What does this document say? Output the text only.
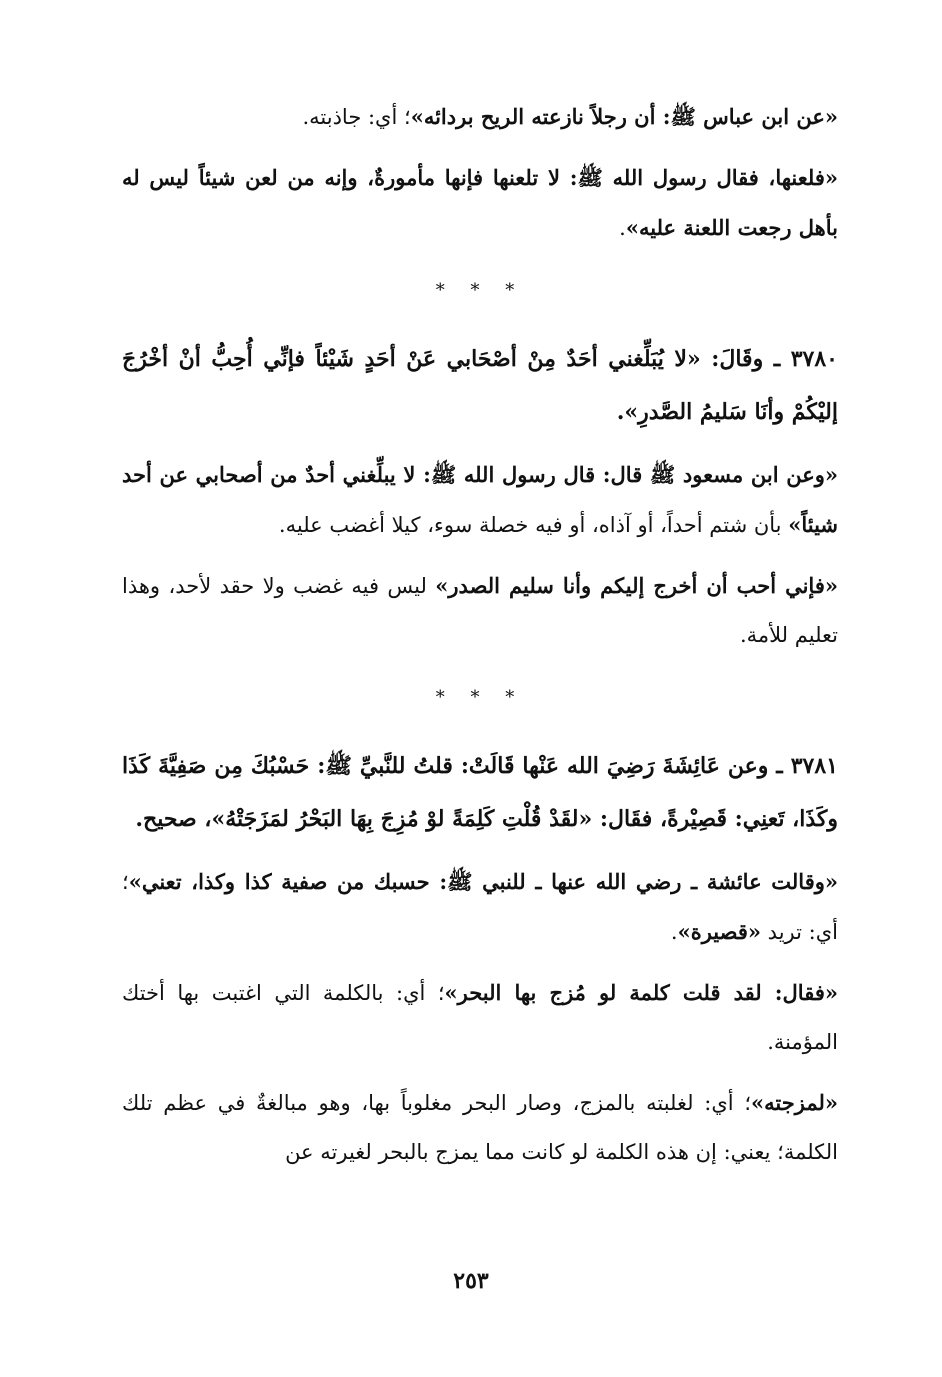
«عن ابن عباس ﷺ: أن رجلاً نازعته الريح بردائه»؛ أي: جاذبته.

«فلعنها، فقال رسول الله ﷺ: لا تلعنها فإنها مأمورةٌ، وإنه من لعن شيئاً ليس له بأهل رجعت اللعنة عليه».

* * *

٣٧٨٠ ـ وقَالَ: «لا يُبَلِّغني أحَدٌ مِنْ أصْحَابي عَنْ أحَدٍ شَيْئاً فإنِّي أُحِبُّ أنْ أخْرُجَ إليْكُمْ وأنَا سَليمُ الصَّدرِ».

«وعن ابن مسعود ﷺ قال: قال رسول الله ﷺ: لا يبلِّغني أحدٌ من أصحابي عن أحد شيئاً» بأن شتم أحداً، أو آذاه، أو فيه خصلة سوء، كيلا أغضب عليه.

«فإني أحب أن أخرج إليكم وأنا سليم الصدر» ليس فيه غضب ولا حقد لأحد، وهذا تعليم للأمة.

* * *

٣٧٨١ ـ وعن عَائِشَةَ رَضِيَ الله عَنْها قَالَتْ: قلتُ للنَّبيِّ ﷺ: حَسْبُكَ مِن صَفِيَّةَ كَذَا وكَذَا، تَعنِي: قَصِيْرةً، فقَال: «لقَدْ قُلْتِ كَلِمَةً لوْ مُزِجَ بِهَا البَحْرُ لمَزَجَتْهُ»، صحيح.

«وقالت عائشة ـ رضي الله عنها ـ للنبي ﷺ: حسبك من صفية كذا وكذا، تعني»؛ أي: تريد «قصيرة».

«فقال: لقد قلت كلمة لو مُزج بها البحر»؛ أي: بالكلمة التي اغتبت بها أختك المؤمنة.

«لمزجته»؛ أي: لغلبته بالمزج، وصار البحر مغلوباً بها، وهو مبالغةٌ في عظم تلك الكلمة؛ يعني: إن هذه الكلمة لو كانت مما يمزج بالبحر لغيرته عن

٢٥٣
